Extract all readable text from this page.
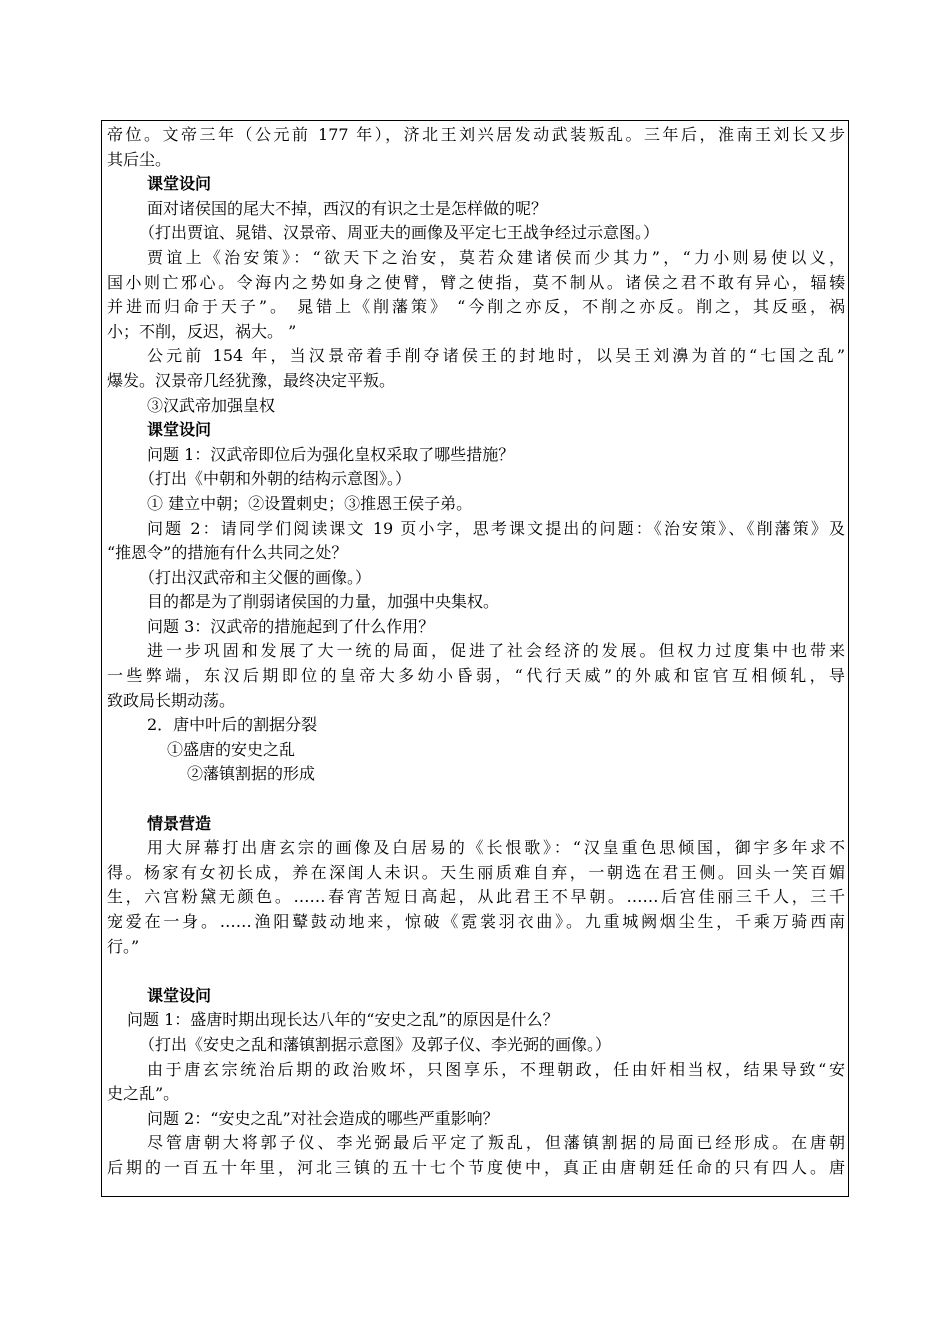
帝位。文帝三年（公元前 177 年），济北王刘兴居发动武装叛乱。三年后，淮南王刘长又步
其后尘。
课堂设问
面对诸侯国的尾大不掉，西汉的有识之士是怎样做的呢？
（打出贾谊、晁错、汉景帝、周亚夫的画像及平定七王战争经过示意图。）
贾谊上《治安策》：“欲天下之治安，莫若众建诸侯而少其力”，“力小则易使以义，
国小则亡邪心。令海内之势如身之使臂，臂之使指，莫不制从。诸侯之君不敢有异心，辐辏
并进而归命于天子”。 晁错上《削藩策》 “今削之亦反，不削之亦反。削之，其反亟，祸
小；不削，反迟，祸大。 ”
公元前 154 年，当汉景帝着手削夺诸侯王的封地时，以吴王刘濞为首的“七国之乱”
爆发。汉景帝几经犹豫，最终决定平叛。
③汉武帝加强皇权
课堂设问
问题 1：汉武帝即位后为强化皇权采取了哪些措施？
（打出《中朝和外朝的结构示意图》。）
① 建立中朝；②设置刺史；③推恩王侯子弟。
问题 2：请同学们阅读课文 19 页小字，思考课文提出的问题：《治安策》、《削藩策》及
“推恩令”的措施有什么共同之处？
（打出汉武帝和主父偃的画像。）
目的都是为了削弱诸侯国的力量，加强中央集权。
问题 3：汉武帝的措施起到了什么作用？
进一步巩固和发展了大一统的局面，促进了社会经济的发展。但权力过度集中也带来
一些弊端，东汉后期即位的皇帝大多幼小昏弱，“代行天威”的外戚和宦官互相倾轧，导
致政局长期动荡。
2．唐中叶后的割据分裂
①盛唐的安史之乱
②藩镇割据的形成
情景营造
用大屏幕打出唐玄宗的画像及白居易的《长恨歌》：“汉皇重色思倾国，御宇多年求不
得。杨家有女初长成，养在深闺人未识。天生丽质难自弃，一朝选在君王侧。回头一笑百媚
生，六宫粉黛无颜色。……春宵苦短日高起，从此君王不早朝。……后宫佳丽三千人，三千
宠爱在一身。……渔阳鼙鼓动地来，惊破《霓裳羽衣曲》。九重城阙烟尘生，千乘万骑西南
行。”
课堂设问
问题 1：盛唐时期出现长达八年的“安史之乱”的原因是什么？
（打出《安史之乱和藩镇割据示意图》及郭子仪、李光弼的画像。）
由于唐玄宗统治后期的政治败坏，只图享乐，不理朝政，任由奸相当权，结果导致“安
史之乱”。
问题 2：“安史之乱”对社会造成的哪些严重影响？
尽管唐朝大将郭子仪、李光弼最后平定了叛乱，但藩镇割据的局面已经形成。在唐朝
后期的一百五十年里，河北三镇的五十七个节度使中，真正由唐朝廷任命的只有四人。唐
